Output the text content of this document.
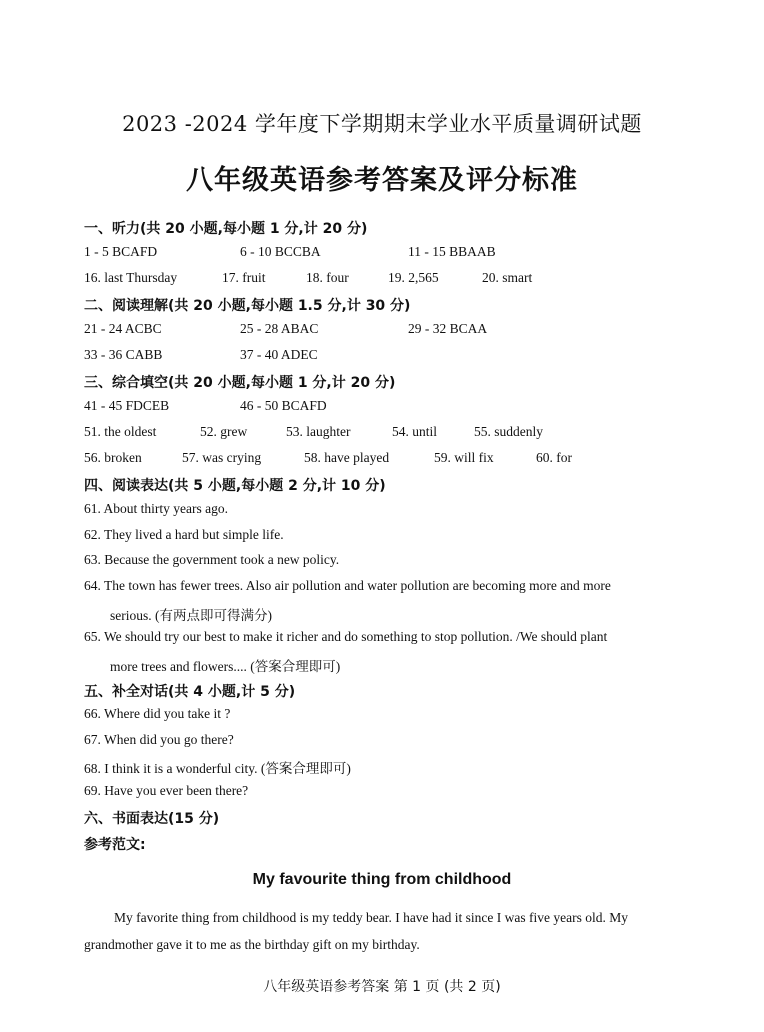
2023 -2024 学年度下学期期末学业水平质量调研试题
八年级英语参考答案及评分标准
一、听力(共 20 小题,每小题 1 分,计 20 分)
1 - 5 BCAFD	6 - 10 BCCBA	11 - 15 BBAAB
16. last Thursday	17. fruit	18. four	19. 2,565	20. smart
二、阅读理解(共 20 小题,每小题 1.5 分,计 30 分)
21 - 24 ACBC	25 - 28 ABAC	29 - 32 BCAA
33 - 36 CABB	37 - 40 ADEC
三、综合填空(共 20 小题,每小题 1 分,计 20 分)
41 - 45 FDCEB	46 - 50 BCAFD
51. the oldest	52. grew	53. laughter	54. until	55. suddenly
56. broken	57. was crying	58. have played	59. will fix	60. for
四、阅读表达(共 5 小题,每小题 2 分,计 10 分)
61. About thirty years ago.
62. They lived a hard but simple life.
63. Because the government took a new policy.
64. The town has fewer trees. Also air pollution and water pollution are becoming more and more
serious. (有两点即可得满分)
65. We should try our best to make it richer and do something to stop pollution. /We should plant
more trees and flowers.... (答案合理即可)
五、补全对话(共 4 小题,计 5 分)
66. Where did you take it ?
67. When did you go there?
68. I think it is a wonderful city. (答案合理即可)
69. Have you ever been there?
六、书面表达(15 分)
参考范文:
My favourite thing from childhood
My favorite thing from childhood is my teddy bear. I have had it since I was five years old. My grandmother gave it to me as the birthday gift on my birthday.
八年级英语参考答案 第 1 页 (共 2 页)
